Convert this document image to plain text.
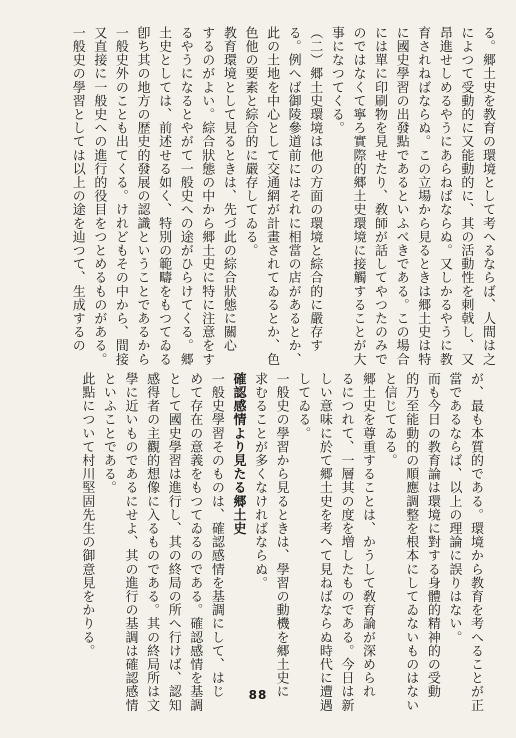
る。郷土史を教育の環境として考へるならば、人間は之
によつて受動的に又能動的に、其の活動性を刺戟し、又
昂進せしめるやうにあらねばならぬ。又しかるやうに教
育されねばならぬ。この立場から見るときは郷土史は特
に國史學習の出發點であるといふべきである。この場合
には單に印刷物を見せたり、敎師が話してやつたのみで
のではなくて寧ろ實際的郷土史環境に接觸することが大
事になつてくる。
（二）郷土史環境は他の方面の環境と綜合的に嚴存す
る。例へば御陵參道前にはそれに相當の店があるとか、
此の土地を中心として交通網が計畫されてゐるとか、色
色他の要素と綜合的に嚴存してゐる。
教育環境として見るときは、先づ此の綜合狀態に關心
するのがよい。綜合狀態の中から郷土史に特に注意をす
るやうになるとやがて一般史への途がひらけてくる。郷
土史としては、前述せる如く、特別の範疇をもつてゐる
卽ち其の地方の歴史的發展の認識ということであるから
一般史外のことも出てくる。けれどもその中から、間接
又直接に一般史への進行的役目をつとめるものがある。
一般史の學習としては以上の途を辿つて、生成するの
が、最も本質的である。環境から教育を考へることが正
當であるならば、以上の理論に誤りはない。
而も今日の教育論は環境に對する身體的精神的の受動
的乃至能動的の順應調整を根本にしてゐないものはない
と信じてゐる。
郷土史を尊重することは、かうして敎育論が深められ
るにつれて、一層其の度を増したものである。今日は新
しい意味に於て郷土史を考へて見ねばならぬ時代に遭遇
してゐる。
一般史の學習から見るときは、學習の動機を郷土史に
求むることが多くなければならぬ。
確認感情より見たる郷土史
一般史學習そのものは、確認感情を基調にして、はじ
めて存在の意義をもつてゐるのである。確認感情を基調
として國史學習は進行し、其の終局の所へ行けば、認知
感得者の主觀的想像に入るものである。其の終局所は文
學に近いものであるにせよ、其の進行の基調は確認感情
といふことである。
此點について村川堅固先生の御意見をかりる。
88
